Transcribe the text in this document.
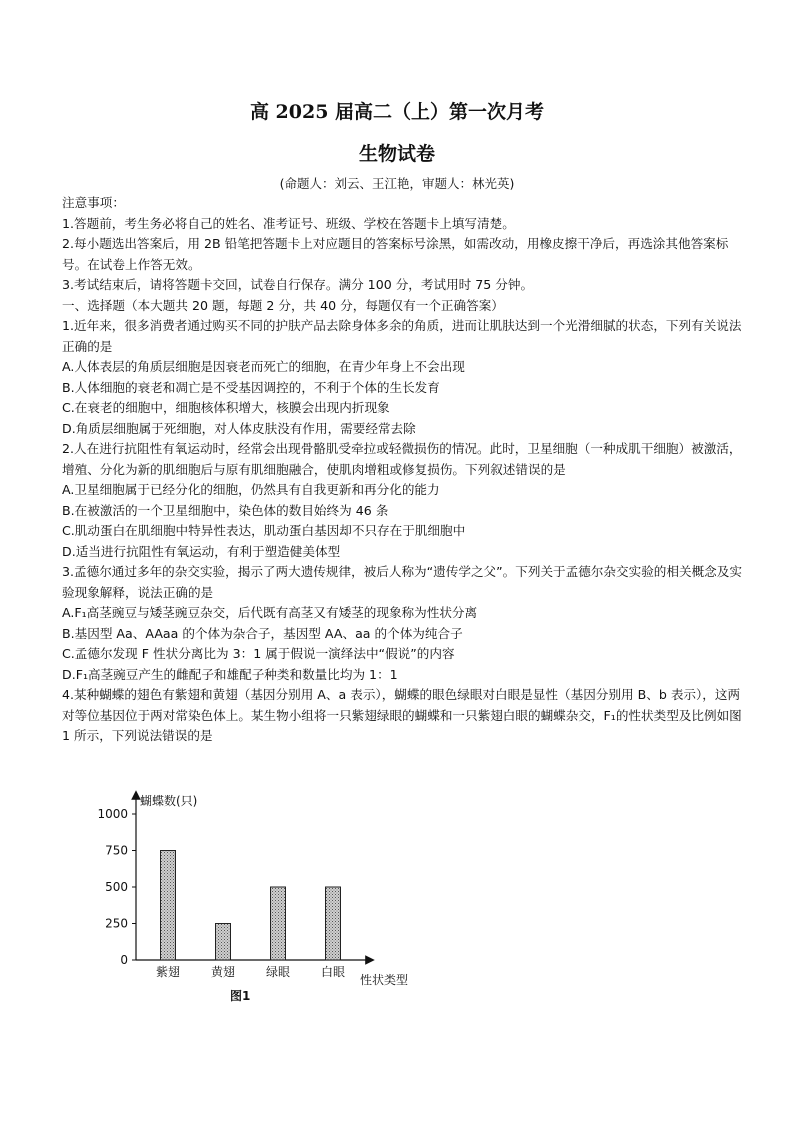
高 2025 届高二（上）第一次月考
生物试卷
(命题人：刘云、王江艳，审题人：林光英)

注意事项：

1.答题前，考生务必将自己的姓名、准考证号、班级、学校在答题卡上填写清楚。

2.每小题选出答案后，用 2B 铅笔把答题卡上对应题目的答案标号涂黑，如需改动，用橡皮擦干净后，再选涂其他答案标号。在试卷上作答无效。

3.考试结束后，请将答题卡交回，试卷自行保存。满分 100 分，考试用时 75 分钟。

一、选择题（本大题共 20 题，每题 2 分，共 40 分，每题仅有一个正确答案）

1.近年来，很多消费者通过购买不同的护肤产品去除身体多余的角质，进而让肌肤达到一个光滑细腻的状态，下列有关说法正确的是

A.人体表层的角质层细胞是因衰老而死亡的细胞，在青少年身上不会出现

B.人体细胞的衰老和凋亡是不受基因调控的，不利于个体的生长发育

C.在衰老的细胞中，细胞核体积增大，核膜会出现内折现象

D.角质层细胞属于死细胞，对人体皮肤没有作用，需要经常去除

2.人在进行抗阻性有氧运动时，经常会出现骨骼肌受牵拉或轻微损伤的情况。此时，卫星细胞（一种成肌干细胞）被激活，增殖、分化为新的肌细胞后与原有肌细胞融合，使肌肉增粗或修复损伤。下列叙述错误的是

A.卫星细胞属于已经分化的细胞，仍然具有自我更新和再分化的能力

B.在被激活的一个卫星细胞中，染色体的数目始终为 46 条

C.肌动蛋白在肌细胞中特异性表达，肌动蛋白基因却不只存在于肌细胞中

D.适当进行抗阻性有氧运动，有利于塑造健美体型

3.孟德尔通过多年的杂交实验，揭示了两大遗传规律，被后人称为“遗传学之父”。下列关于孟德尔杂交实验的相关概念及实验现象解释，说法正确的是

A.F₁高茎豌豆与矮茎豌豆杂交，后代既有高茎又有矮茎的现象称为性状分离

B.基因型 Aa、AAaa 的个体为杂合子，基因型 AA、aa 的个体为纯合子

C.孟德尔发现 F 性状分离比为 3：1 属于假说一演绎法中“假说”的内容

D.F₁高茎豌豆产生的雌配子和雄配子种类和数量比均为 1：1

4.某种蝴蝶的翅色有紫翅和黄翅（基因分别用 A、a 表示），蝴蝶的眼色绿眼对白眼是显性（基因分别用 B、b 表示），这两对等位基因位于两对常染色体上。某生物小组将一只紫翅绿眼的蝴蝶和一只紫翅白眼的蝴蝶杂交，F₁的性状类型及比例如图 1 所示，下列说法错误的是

蝴蝶数(只)
性状类型
图1
0
250
500
750
1000
紫翅	黄翅	绿眼	白眼
